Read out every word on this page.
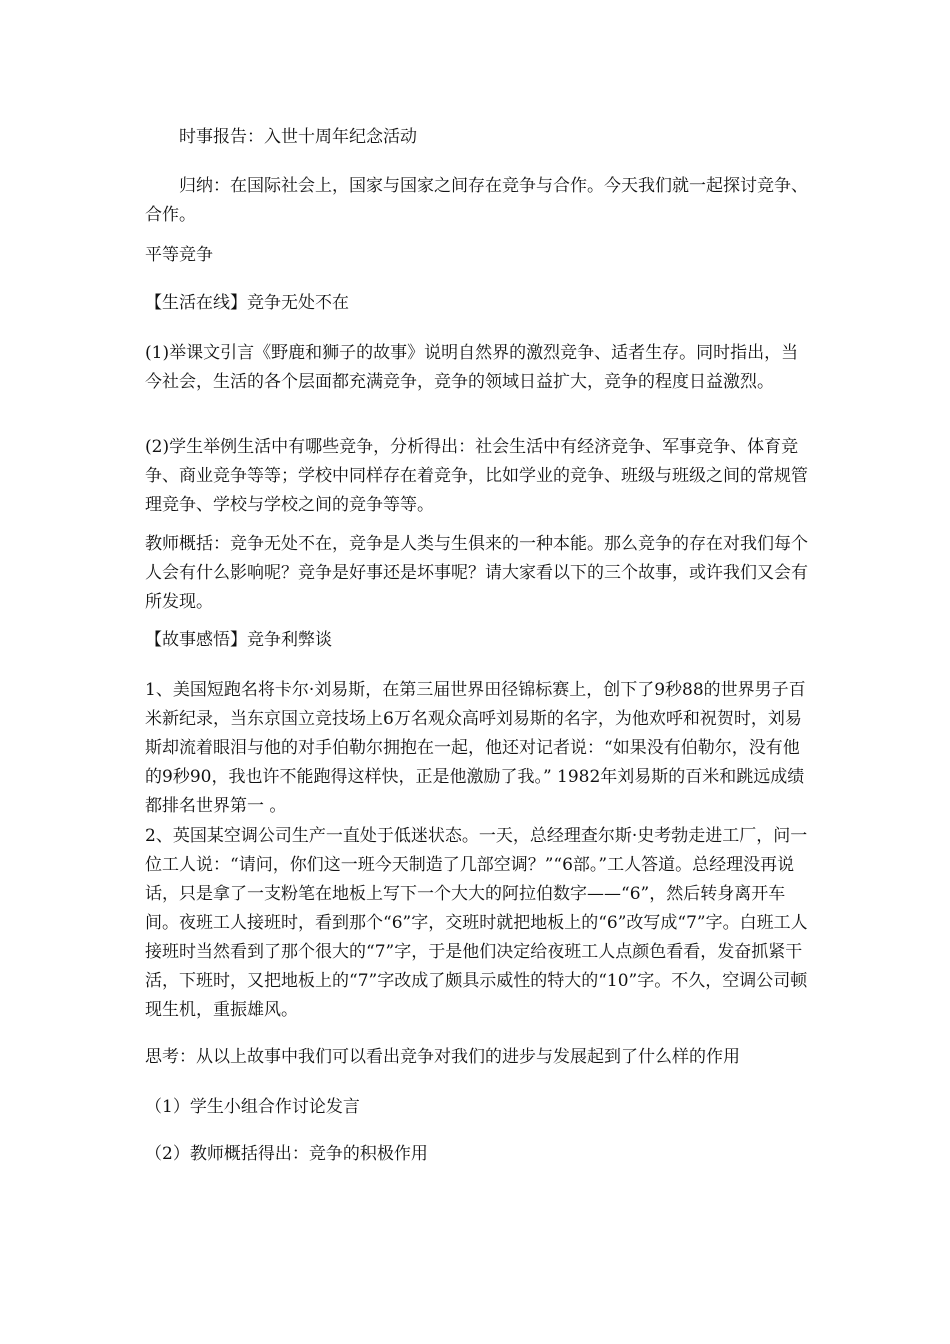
时事报告：入世十周年纪念活动

归纳：在国际社会上，国家与国家之间存在竞争与合作。今天我们就一起探讨竞争、合作。

平等竞争

【生活在线】竞争无处不在

(1)举课文引言《野鹿和狮子的故事》说明自然界的激烈竞争、适者生存。同时指出，当今社会，生活的各个层面都充满竞争，竞争的领域日益扩大，竞争的程度日益激烈。

(2)学生举例生活中有哪些竞争，分析得出：社会生活中有经济竞争、军事竞争、体育竞争、商业竞争等等；学校中同样存在着竞争，比如学业的竞争、班级与班级之间的常规管理竞争、学校与学校之间的竞争等等。

教师概括：竞争无处不在，竞争是人类与生俱来的一种本能。那么竞争的存在对我们每个人会有什么影响呢？竞争是好事还是坏事呢？请大家看以下的三个故事，或许我们又会有所发现。

【故事感悟】竞争利弊谈

1、美国短跑名将卡尔·刘易斯，在第三届世界田径锦标赛上，创下了9秒88的世界男子百米新纪录，当东京国立竞技场上6万名观众高呼刘易斯的名字，为他欢呼和祝贺时，刘易斯却流着眼泪与他的对手伯勒尔拥抱在一起，他还对记者说：“如果没有伯勒尔，没有他的9秒90，我也许不能跑得这样快，正是他激励了我。” 1982年刘易斯的百米和跳远成绩都排名世界第一 。

2、英国某空调公司生产一直处于低迷状态。一天，总经理查尔斯·史考勃走进工厂，问一位工人说：“请问，你们这一班今天制造了几部空调？”“6部。”工人答道。总经理没再说话，只是拿了一支粉笔在地板上写下一个大大的阿拉伯数字——“6”，然后转身离开车间。夜班工人接班时，看到那个“6”字，交班时就把地板上的“6”改写成“7”字。白班工人接班时当然看到了那个很大的“7”字，于是他们决定给夜班工人点颜色看看，发奋抓紧干活，下班时，又把地板上的“7”字改成了颇具示威性的特大的“10”字。不久，空调公司顿现生机，重振雄风。

思考：从以上故事中我们可以看出竞争对我们的进步与发展起到了什么样的作用

（1）学生小组合作讨论发言

（2）教师概括得出：竞争的积极作用
